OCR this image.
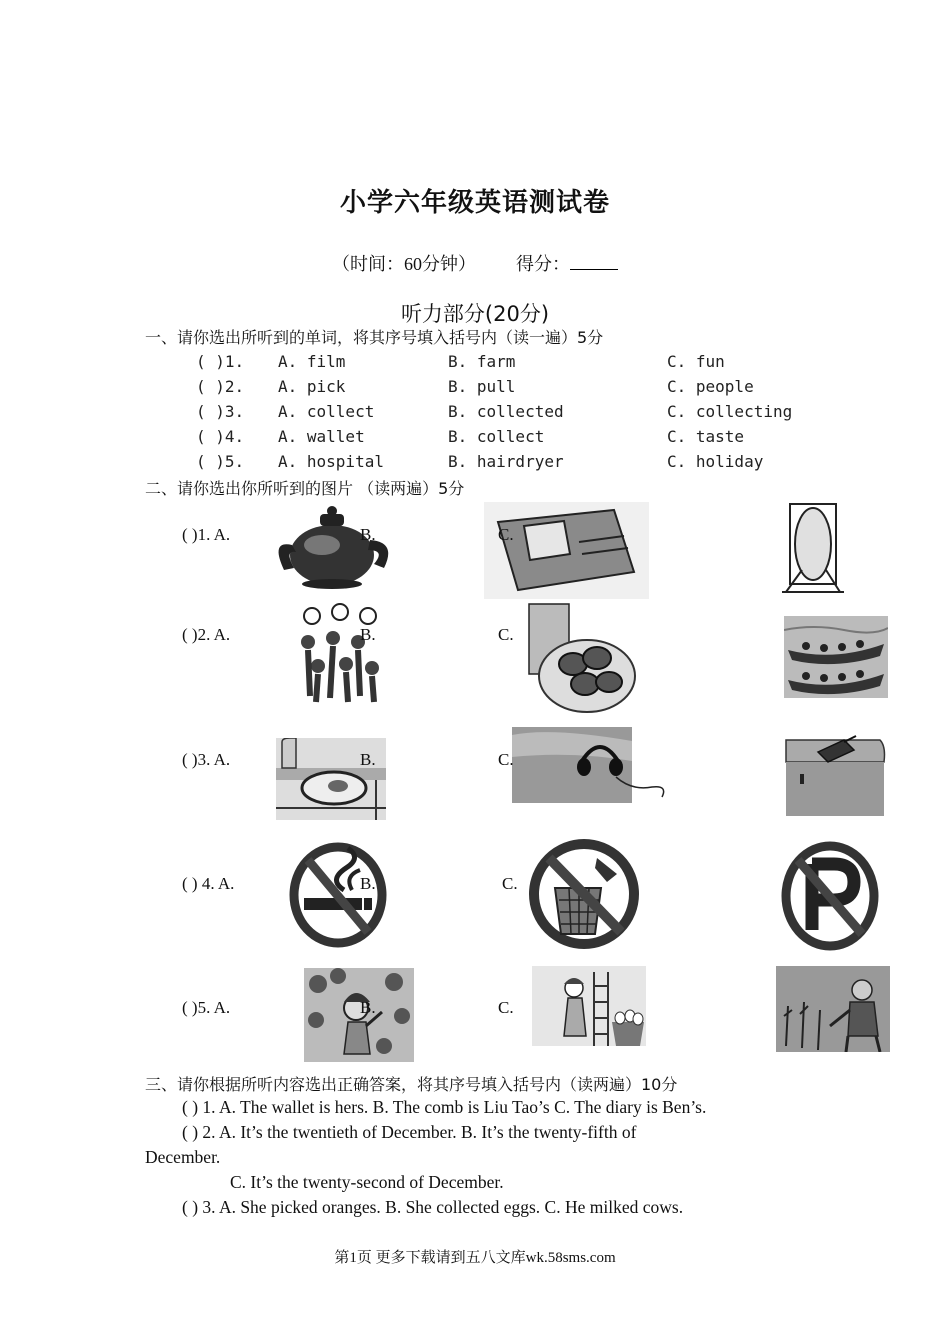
小学六年级英语测试卷
（时间：60分钟） 得分：
听力部分(20分)
一、请你选出所听到的单词，将其序号填入括号内（读一遍）5分
( )1. A. film	B. farm	C. fun
( )2. A. pick	B. pull	C. people
( )3. A. collect	B. collected	C. collecting
( )4. A. wallet	B. collect	C. taste
( )5. A. hospital	B. hairdryer	C. holiday
二、请你选出你所听到的图片 （读两遍）5分
( )1. A.	B.	C.
( )2. A.	B.	C.
( )3. A.	B.	C.
( ) 4. A.	B.	C.
( )5. A.	B.	C.
三、请你根据所听内容选出正确答案，将其序号填入括号内（读两遍）10分
( ) 1. A. The wallet is hers. B. The comb is Liu Tao’s C. The diary is Ben’s.
( ) 2. A. It’s the twentieth of December. B. It’s the twenty-fifth of
December.
C. It’s the twenty-second of December.
( ) 3. A. She picked oranges. B. She collected eggs. C. He milked cows.
第1页 更多下载请到五八文库wk.58sms.com
